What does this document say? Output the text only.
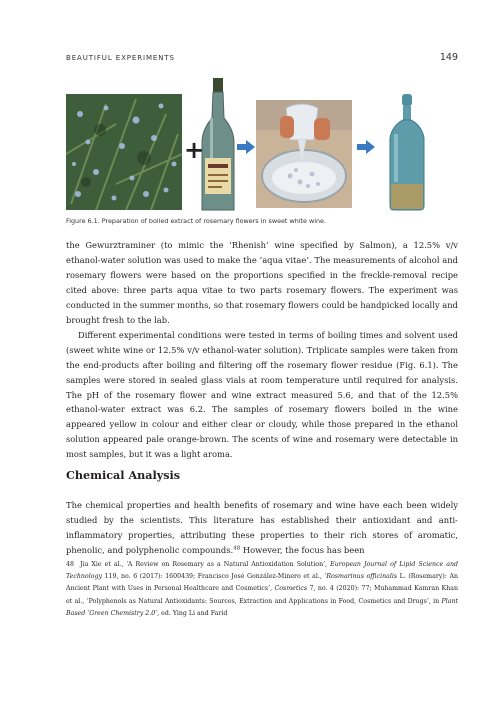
BEAUTIFUL EXPERIMENTS	149
+
Figure 6.1. Preparation of boiled extract of rosemary flowers in sweet white wine.

the Gewurztraminer (to mimic the ‘Rhenish’ wine specified by Salmon), a 12.5% v/v ethanol-water solution was used to make the ‘aqua vitae’. The measurements of alcohol and rosemary flowers were based on the proportions specified in the freckle-removal recipe cited above: three parts aqua vitae to two parts rosemary flowers. The experiment was conducted in the summer months, so that rosemary flowers could be handpicked locally and brought fresh to the lab.

Different experimental conditions were tested in terms of boiling times and solvent used (sweet white wine or 12.5% v/v ethanol-water solution). Triplicate samples were taken from the end-products after boiling and filtering off the rosemary flower residue (Fig. 6.1). The samples were stored in sealed glass vials at room temperature until required for analysis. The pH of the rosemary flower and wine extract measured 5.6, and that of the 12.5% ethanol-water extract was 6.2. The samples of rosemary flowers boiled in the wine appeared yellow in colour and either clear or cloudy, while those prepared in the ethanol solution appeared pale orange-brown. The scents of wine and rosemary were detectable in most samples, but it was a light aroma.

Chemical Analysis

The chemical properties and health benefits of rosemary and wine have each been widely studied by the scientists. This literature has established their antioxidant and anti-inflammatory properties, attributing these properties to their rich stores of aromatic, phenolic, and polyphenolic compounds.$^{48}$ However, the focus has been

48 Jia Xie et al., ‘A Review on Rosemary as a Natural Antioxidation Solution’, European Journal of Lipid Science and Technology 119, no. 6 (2017): 1600439; Francisco José González-Minero et al., ‘Rosmarinus officinalis L. (Rosemary): An Ancient Plant with Uses in Personal Healthcare and Cosmetics’, Cosmetics 7, no. 4 (2020): 77; Muhammad Kamran Khan et al., ‘Polyphenols as Natural Antioxidants: Sources, Extraction and Applications in Food, Cosmetics and Drugs’, in Plant Based ‘Green Chemistry 2.0’, ed. Ying Li and Farid
